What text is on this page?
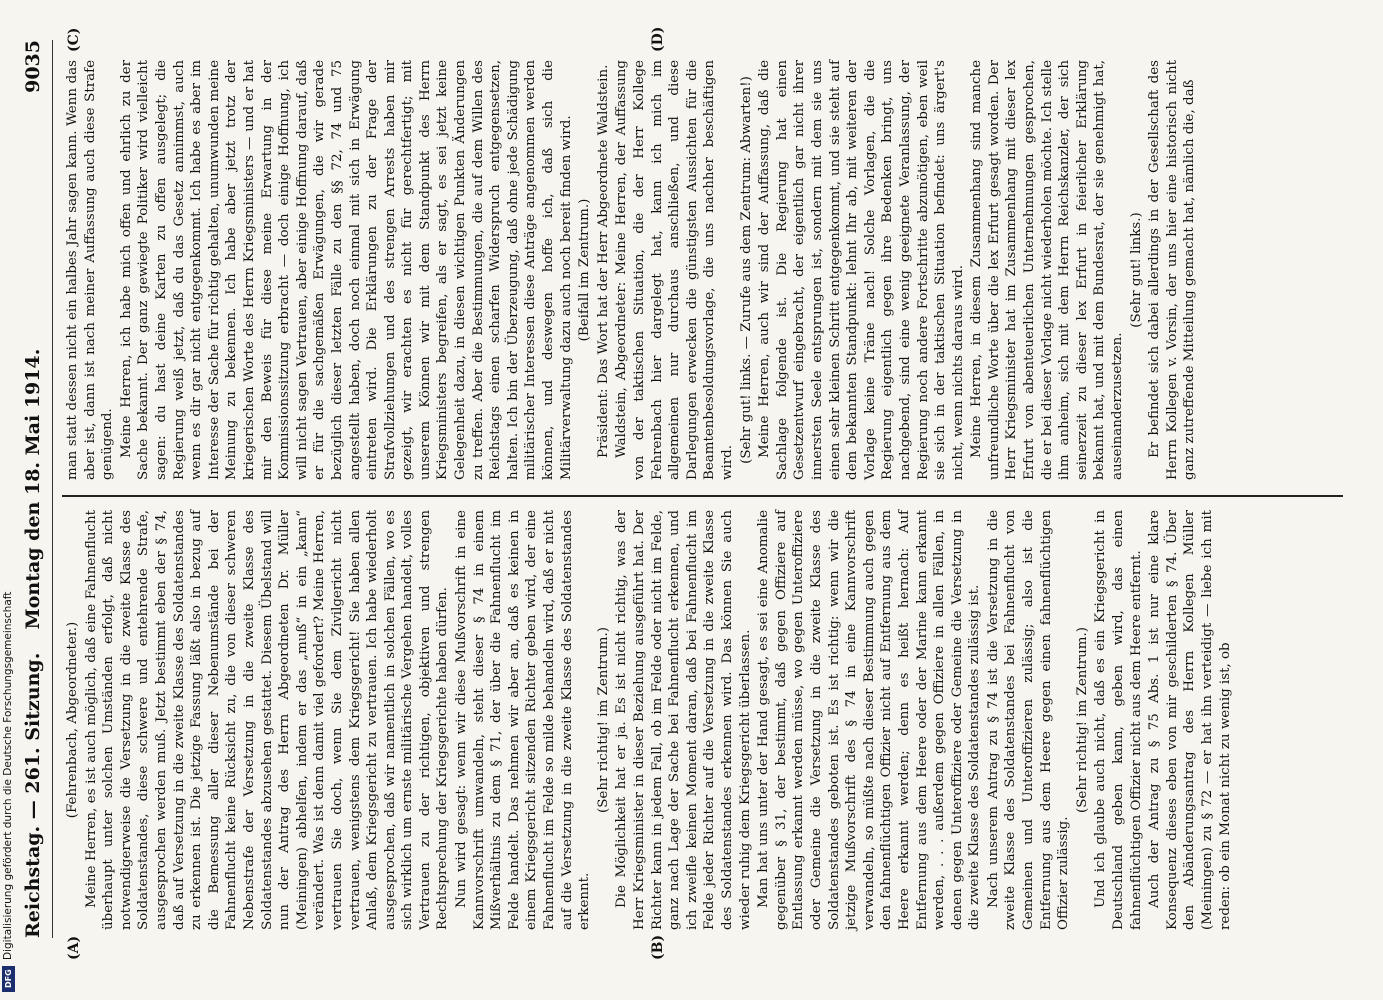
Reichstag. — 261. Sitzung.
Montag den 18. Mai 1914.
9035
(A)	(B)
(C)	(D)

(Fehrenbach, Abgeordneter.) Meine Herren, es ist auch möglich, daß eine Fahnenflucht überhaupt unter solchen Umständen erfolgt, daß nicht notwendigerweise die Versetzung in die zweite Klasse des Soldatenstandes, diese schwere und entehrende Strafe, ausgesprochen werden muß. Jetzt bestimmt eben der § 74, daß auf Versetzung in die zweite Klasse des Soldatenstandes zu erkennen ist. Die jetzige Fassung läßt also in bezug auf die Bemessung aller dieser Nebenumstände bei der Fahnenflucht keine Rücksicht zu, die von dieser schweren Nebenstrafe der Versetzung in die zweite Klasse des Soldatenstandes abzusehen gestattet. Diesem Übelstand will nun der Antrag des Herrn Abgeordneten Dr. Müller (Meiningen) abhelfen, indem er das „muß“ in ein „kann“ verändert. Was ist denn damit viel gefordert? Meine Herren, vertrauen Sie doch, wenn Sie dem Zivilgericht nicht vertrauen, wenigstens dem Kriegsgericht! Sie haben allen Anlaß, dem Kriegsgericht zu vertrauen. Ich habe wiederholt ausgesprochen, daß wir namentlich in solchen Fällen, wo es sich wirklich um ernste militärische Vergehen handelt, volles Vertrauen zu der richtigen, objektiven und strengen Rechtsprechung der Kriegsgerichte haben dürfen. Nun wird gesagt: wenn wir diese Mußvorschrift in eine Kannvorschrift umwandeln, steht dieser § 74 in einem Mißverhältnis zu dem § 71, der über die Fahnenflucht im Felde handelt. Das nehmen wir aber an, daß es keinen in einem Kriegsgericht sitzenden Richter geben wird, der eine Fahnenflucht im Felde so milde behandeln wird, daß er nicht auf die Versetzung in die zweite Klasse des Soldatenstandes erkennt.

(Sehr richtig! im Zentrum.) Die Möglichkeit hat er ja. Es ist nicht richtig, was der Herr Kriegsminister in dieser Beziehung ausgeführt hat. Der Richter kann in jedem Fall, ob im Felde oder nicht im Felde, ganz nach Lage der Sache bei Fahnenflucht erkennen, und ich zweifle keinen Moment daran, daß bei Fahnenflucht im Felde jeder Richter auf die Versetzung in die zweite Klasse des Soldatenstandes erkennen wird. Das können Sie auch wieder ruhig dem Kriegsgericht überlassen. Man hat uns unter der Hand gesagt, es sei eine Anomalie gegenüber § 31, der bestimmt, daß gegen Offiziere auf Entlassung erkannt werden müsse, wo gegen Unteroffiziere oder Gemeine die Versetzung in die zweite Klasse des Soldatenstandes geboten ist. Es ist richtig: wenn wir die jetzige Mußvorschrift des § 74 in eine Kannvorschrift verwandeln, so müßte nach dieser Bestimmung auch gegen den fahnenflüchtigen Offizier nicht auf Entfernung aus dem Heere erkannt werden; denn es heißt hernach: Auf Entfernung aus dem Heere oder der Marine kann erkannt werden, . . . außerdem gegen Offiziere in allen Fällen, in denen gegen Unteroffiziere oder Gemeine die Versetzung in die zweite Klasse des Soldatenstandes zulässig ist. Nach unserem Antrag zu § 74 ist die Versetzung in die zweite Klasse des Soldatenstandes bei Fahnenflucht von Gemeinen und Unteroffizieren zulässig; also ist die Entfernung aus dem Heere gegen einen fahnenflüchtigen Offizier zulässig.

(Sehr richtig! im Zentrum.) Und ich glaube auch nicht, daß es ein Kriegsgericht in Deutschland geben kann, geben wird, das einen fahnenflüchtigen Offizier nicht aus dem Heere entfernt. Auch der Antrag zu § 75 Abs. 1 ist nur eine klare Konsequenz dieses eben von mir geschilderten § 74. Über den Abänderungsantrag des Herrn Kollegen Müller (Meiningen) zu § 72 — er hat ihn verteidigt — liebe ich mit reden: ob ein Monat nicht zu wenig ist, ob

man statt dessen nicht ein halbes Jahr sagen kann. Wenn das aber ist, dann ist nach meiner Auffassung auch diese Strafe genügend. Meine Herren, ich habe mich offen und ehrlich zu der Sache bekannt. Der ganz gewiegte Politiker wird vielleicht sagen: du hast deine Karten zu offen ausgelegt; die Regierung weiß jetzt, daß du das Gesetz annimmst, auch wenn es dir gar nicht entgegenkommt. Ich habe es aber im Interesse der Sache für richtig gehalten, unumwunden meine Meinung zu bekennen. Ich habe aber jetzt trotz der kriegerischen Worte des Herrn Kriegsministers — und er hat mir den Beweis für diese meine Erwartung in der Kommissionssitzung erbracht — doch einige Hoffnung, ich will nicht sagen Vertrauen, aber einige Hoffnung darauf, daß er für die sachgemäßen Erwägungen, die wir gerade bezüglich dieser letzten Fälle zu den §§ 72, 74 und 75 angestellt haben, doch noch einmal mit sich in Erwägung eintreten wird. Die Erklärungen zu der Frage der Strafvollziehungen und des strengen Arrests haben mir gezeigt, wir erachten es nicht für gerechtfertigt; mit unserem Können wir mit dem Standpunkt des Herrn Kriegsministers begreifen, als er sagt, es sei jetzt keine Gelegenheit dazu, in diesen wichtigen Punkten Änderungen zu treffen. Aber die Bestimmungen, die auf dem Willen des Reichstags einen scharfen Widerspruch entgegensetzen, halten. Ich bin der Überzeugung, daß ohne jede Schädigung militärischer Interessen diese Anträge angenommen werden können, und deswegen hoffe ich, daß sich die Militärverwaltung dazu auch noch bereit finden wird. (Beifall im Zentrum.) Präsident: Das Wort hat der Herr Abgeordnete Waldstein. Waldstein, Abgeordneter: Meine Herren, der Auffassung von der taktischen Situation, die der Herr Kollege Fehrenbach hier dargelegt hat, kann ich mich im allgemeinen nur durchaus anschließen, und diese Darlegungen erwecken die günstigsten Aussichten für die Beamtenbesoldungsvorlage, die uns nachher beschäftigen wird. (Sehr gut! links. — Zurufe aus dem Zentrum: Abwarten!) Meine Herren, auch wir sind der Auffassung, daß die Sachlage folgende ist. Die Regierung hat einen Gesetzentwurf eingebracht, der eigentlich gar nicht ihrer innersten Seele entsprungen ist, sondern mit dem sie uns einen sehr kleinen Schritt entgegenkommt, und sie steht auf dem bekannten Standpunkt: lehnt Ihr ab, mit weiteren der Vorlage keine Träne nach! Solche Vorlagen, die die Regierung eigentlich gegen ihre Bedenken bringt, uns nachgebend, sind eine wenig geeignete Veranlassung, der Regierung noch andere Fortschritte abzunötigen, eben weil sie sich in der taktischen Situation befindet: uns ärgert's nicht, wenn nichts daraus wird. Meine Herren, in diesem Zusammenhang sind manche unfreundliche Worte über die lex Erfurt gesagt worden. Der Herr Kriegsminister hat im Zusammenhang mit dieser lex Erfurt von abenteuerlichen Unternehmungen gesprochen, die er bei dieser Vorlage nicht wiederholen möchte. Ich stelle ihm anheim, sich mit dem Herrn Reichskanzler, der sich seinerzeit zu dieser lex Erfurt in feierlicher Erklärung bekannt hat, und mit dem Bundesrat, der sie genehmigt hat, auseinanderzusetzen.

(Sehr gut! links.) Er befindet sich dabei allerdings in der Gesellschaft des Herrn Kollegen v. Vorsin, der uns hier eine historisch nicht ganz zutreffende Mitteilung gemacht hat, nämlich die, daß

Digitalisierung gefördert durch die Deutsche Forschungsgemeinschaft
DFG
